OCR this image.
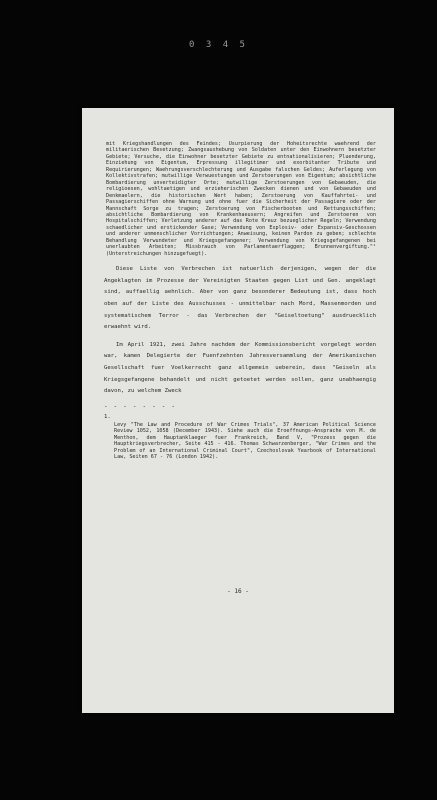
0 3 4 5

mit Kriegshandlungen des Feindes; Usurpierung der Hoheitsrechte waehrend der militaerischen Besetzung; Zwangsaushebung von Soldaten unter den Einwohnern besetzter Gebiete; Versuche, die Einwohner besetzter Gebiete zu entnationalisieren; Pluenderung, Einziehung von Eigentum, Erpressung illegitimer und exorbitanter Tribute und Requirierungen; Waehrungsverschlechterung und Ausgabe falschen Geldes; Auferlegung von Kollektivstrafen; mutwillige Verwuestungen und Zerstoerungen von Eigentum; absichtliche Bombardierung unverteidigter Orte; mutwillige Zerstoerungen von Gebaeuden, die religioesen, wohltaetigen und erzieherischen Zwecken dienen und von Gebaeuden und Denkmaelern, die historischen Wert haben; Zerstoerung von Kauffahrtei- und Passagierschiffen ohne Warnung und ohne fuer die Sicherheit der Passagiere oder der Mannschaft Sorge zu tragen; Zerstoerung von Fischerbooten und Rettungsschiffen; absichtliche Bombardierung von Krankenhaeusern; Angreifen und Zerstoeren von Hospitalschiffen; Verletzung anderer auf das Rote Kreuz bezueglicher Regeln; Verwendung schaedlicher und erstickender Gase; Verwendung von Explosiv- oder Expansiv-Geschossen und anderer unmenschlicher Vorrichtungen; Anweisung, keinen Pardon zu geben; schlechte Behandlung Verwundeter und Kriegsgefangener; Verwendung von Kriegsgefangenen bei unerlaubten Arbeiten; Missbrauch von Parlamentaerflaggen; Brunnenvergiftung."¹ (Unterstreichungen hinzugefuegt).

Diese Liste von Verbrechen ist natuerlich derjenigen, wegen der die Angeklagten im Prozesse der Vereinigten Staaten gegen List und Gen. angeklagt sind, auffaellig aehnlich. Aber von ganz besonderer Bedeutung ist, dass hoch oben auf der Liste des Ausschusses - unmittelbar nach Mord, Massenmorden und systematischem Terror - das Verbrechen der "Geiseltoetung" ausdruecklich erwaehnt wird.

Im April 1921, zwei Jahre nachdem der Kommissionsbericht vorgelegt worden war, kamen Delegierte der Fuenfzehnten Jahresversammlung der Amerikanischen Gesellschaft fuer Voelkerrecht ganz allgemein ueberein, dass "Geiseln als Kriegsgefangene behandelt und nicht getoetet werden sollen, ganz unabhaengig davon, zu welchem Zweck

- - - - - - - -
1.

Levy "The Law and Procedure of War Crimes Trials", 37 American Political Science Review 1052, 1058 (December 1943). Siehe auch die Eroeffnungs-Ansprache von M. de Menthon, dem Hauptanklaeger fuer Frankreich, Band V, "Prozess gegen die Hauptkriegsverbrecher, Seite 415 - 416. Thomas Schwarzenberger, "War Crimes and the Problem of an International Criminal Court", Czechoslovak Yearbook of International Law, Seiten 67 - 76 (London 1942).

- 16 -
